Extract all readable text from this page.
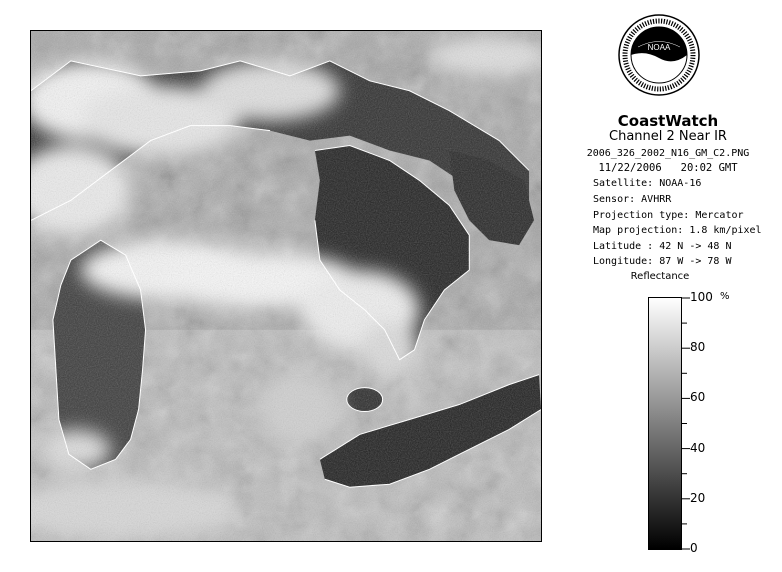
NOAA
CoastWatch
Channel 2 Near IR
2006_326_2002_N16_GM_C2.PNG
11/22/2006 20:02 GMT
Satellite: NOAA-16
Sensor: AVHRR
Projection type: Mercator
Map projection: 1.8 km/pixel
Latitude : 42 N -> 48 N
Longitude: 87 W -> 78 W
Reflectance
%
100
80
60
40
20
0
